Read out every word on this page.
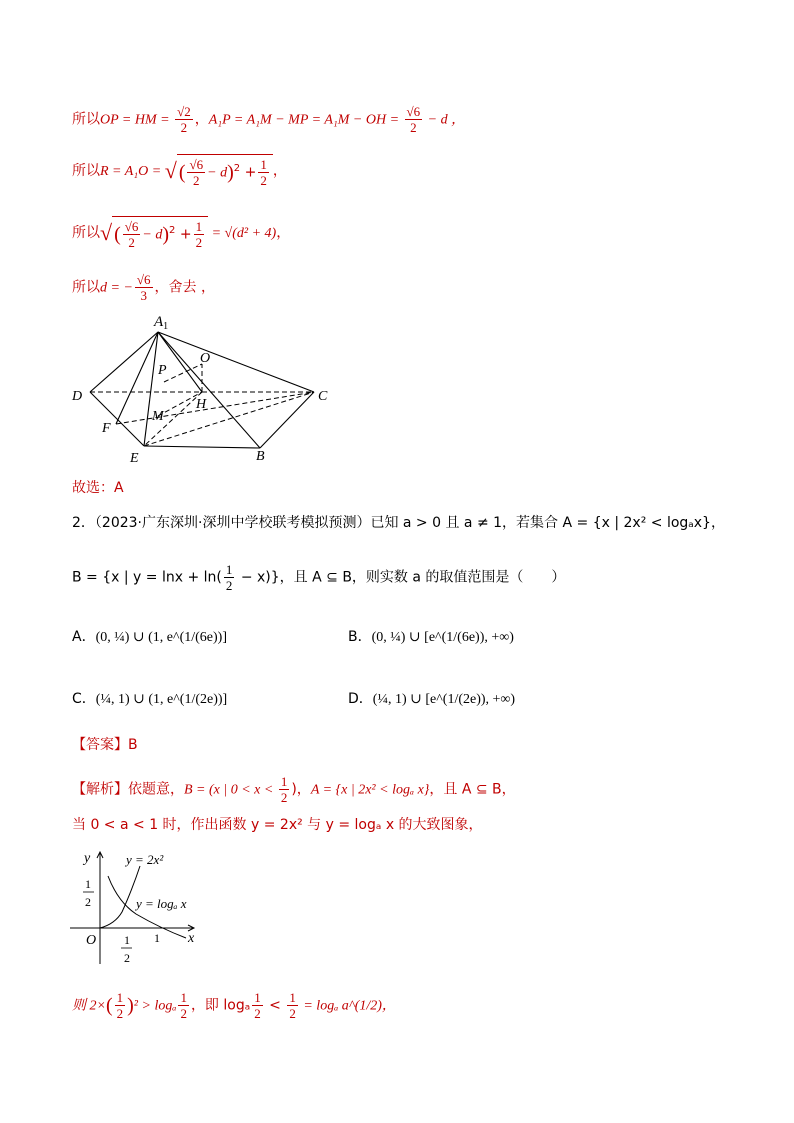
所以OP = HM = $\frac{√2}{2}$ ，A₁P = A₁M − MP = A₁M − OH = $\frac{√6}{2} - d$ ，
所以R = A₁O = √ ( $\frac{√6}{2} - d)^2 + \frac{1}{2}$ ，
所以√ ( $\frac{√6}{2} - d)^2 + \frac{1}{2} = √(d^2 + 4)$，
所以d = − $\frac{√6}{3}$ ，舍去 ，
$A_1$
O
P
H
D	C
F
M
E	B
故选：A
2．（2023·广东深圳·深圳中学校联考模拟预测）已知 a > 0 且 a ≠ 1，若集合 A = {x | 2x² < logₐx}，
B = {x | $y = \ln x + \ln( \frac{1}{2} - x)$}，且 A ⊆ B，则实数 a 的取值范围是（　　）
A．(0, ¼) ∪ (1, e^(1/(6e))]	B．(0, ¼) ∪ [e^(1/(6e)), +∞)
C．(¼, 1) ∪ (1, e^(1/(2e))]	D．(¼, 1) ∪ [e^(1/(2e)), +∞)
【答案】B
【解析】依题意，B = (x | $0 < x < \frac{1}{2}$ )，A = {x | 2x² < logₐ x}，且 A ⊆ B，
当 0 < a < 1 时，作出函数 y = 2x² 与 y = logₐ x 的大致图象，
y
x
O
y = 2x²
y = logₐ x
1
2
1
2
1
则 $2\times( \frac{1}{2} )^2 > \log_a \frac{1}{2}$ ，即 logₐ $\frac{1}{2} < \frac{1}{2} = \log_a$ a^(1/2)，
